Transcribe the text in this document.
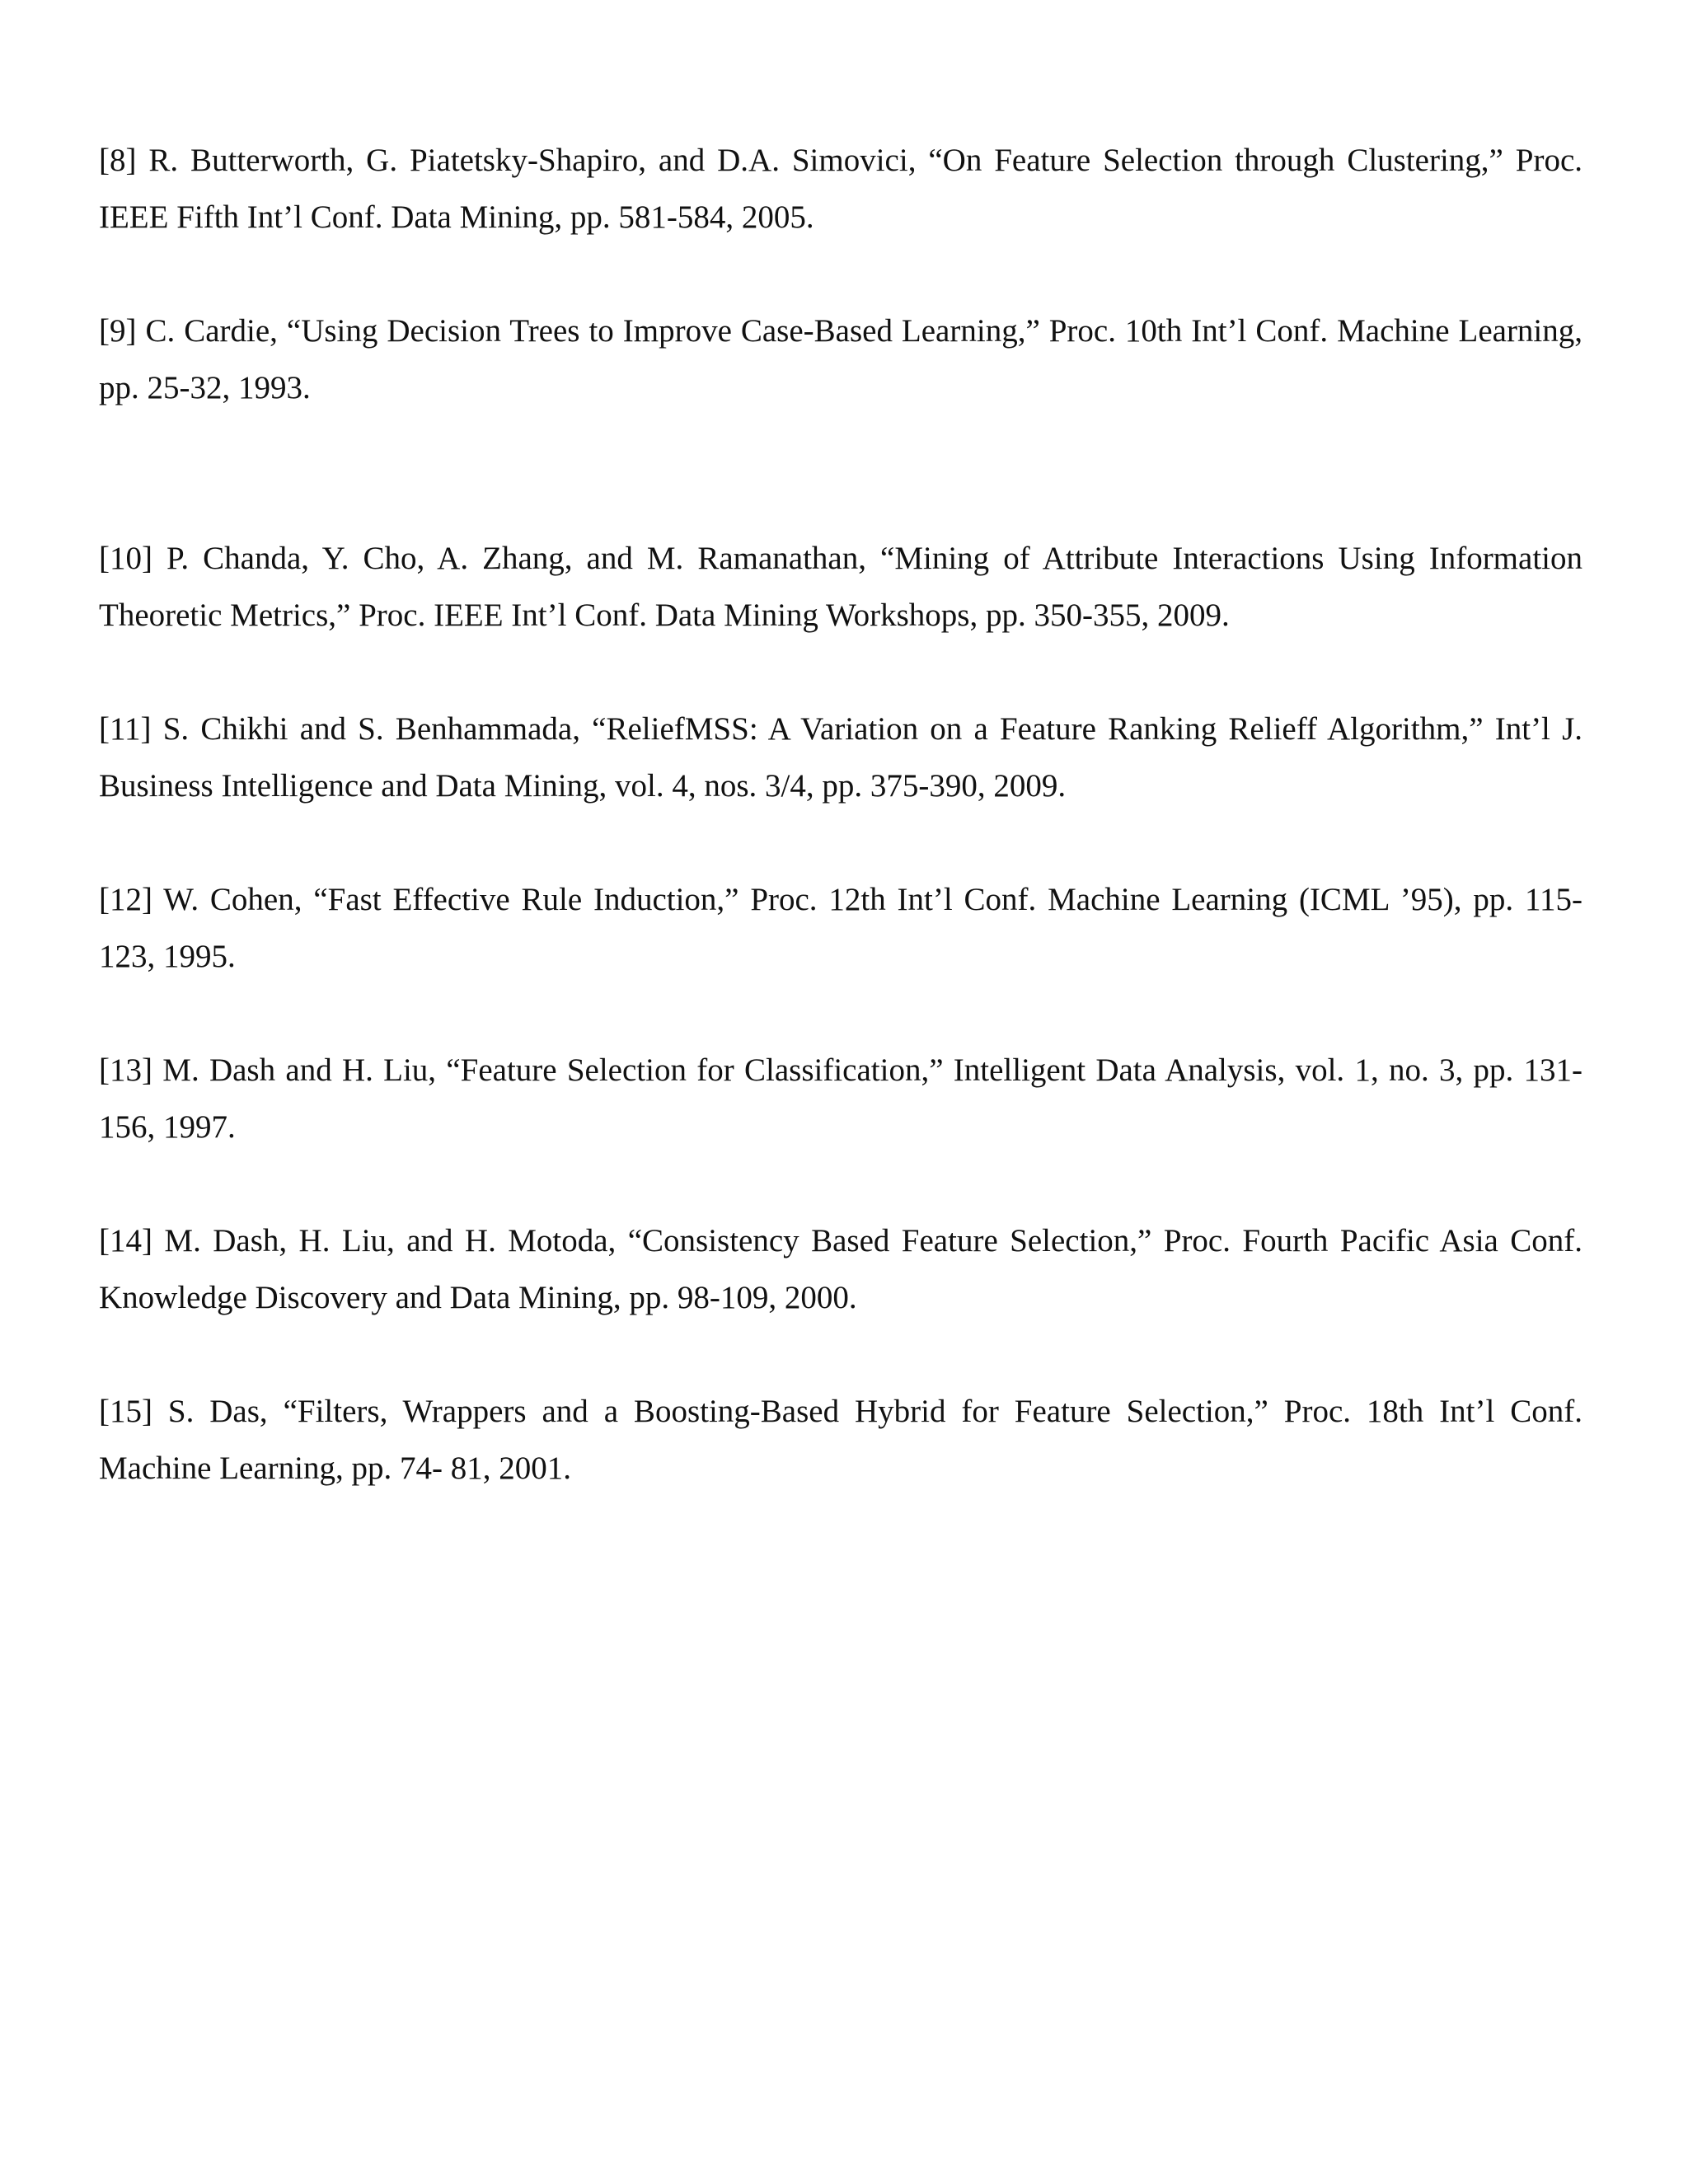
[8] R. Butterworth, G. Piatetsky-Shapiro, and D.A. Simovici, “On Feature Selection through Clustering,” Proc. IEEE Fifth Int’l Conf. Data Mining, pp. 581-584, 2005.

[9] C. Cardie, “Using Decision Trees to Improve Case-Based Learning,” Proc. 10th Int’l Conf. Machine Learning, pp. 25-32, 1993.

[10] P. Chanda, Y. Cho, A. Zhang, and M. Ramanathan, “Mining of Attribute Interactions Using Information Theoretic Metrics,” Proc. IEEE Int’l Conf. Data Mining Workshops, pp. 350-355, 2009.

[11] S. Chikhi and S. Benhammada, “ReliefMSS: A Variation on a Feature Ranking Relieff Algorithm,” Int’l J. Business Intelligence and Data Mining, vol. 4, nos. 3/4, pp. 375-390, 2009.

[12] W. Cohen, “Fast Effective Rule Induction,” Proc. 12th Int’l Conf. Machine Learning (ICML ’95), pp. 115-123, 1995.

[13] M. Dash and H. Liu, “Feature Selection for Classification,” Intelligent Data Analysis, vol. 1, no. 3, pp. 131-156, 1997.

[14] M. Dash, H. Liu, and H. Motoda, “Consistency Based Feature Selection,” Proc. Fourth Pacific Asia Conf. Knowledge Discovery and Data Mining, pp. 98-109, 2000.

[15] S. Das, “Filters, Wrappers and a Boosting-Based Hybrid for Feature Selection,” Proc. 18th Int’l Conf. Machine Learning, pp. 74- 81, 2001.
